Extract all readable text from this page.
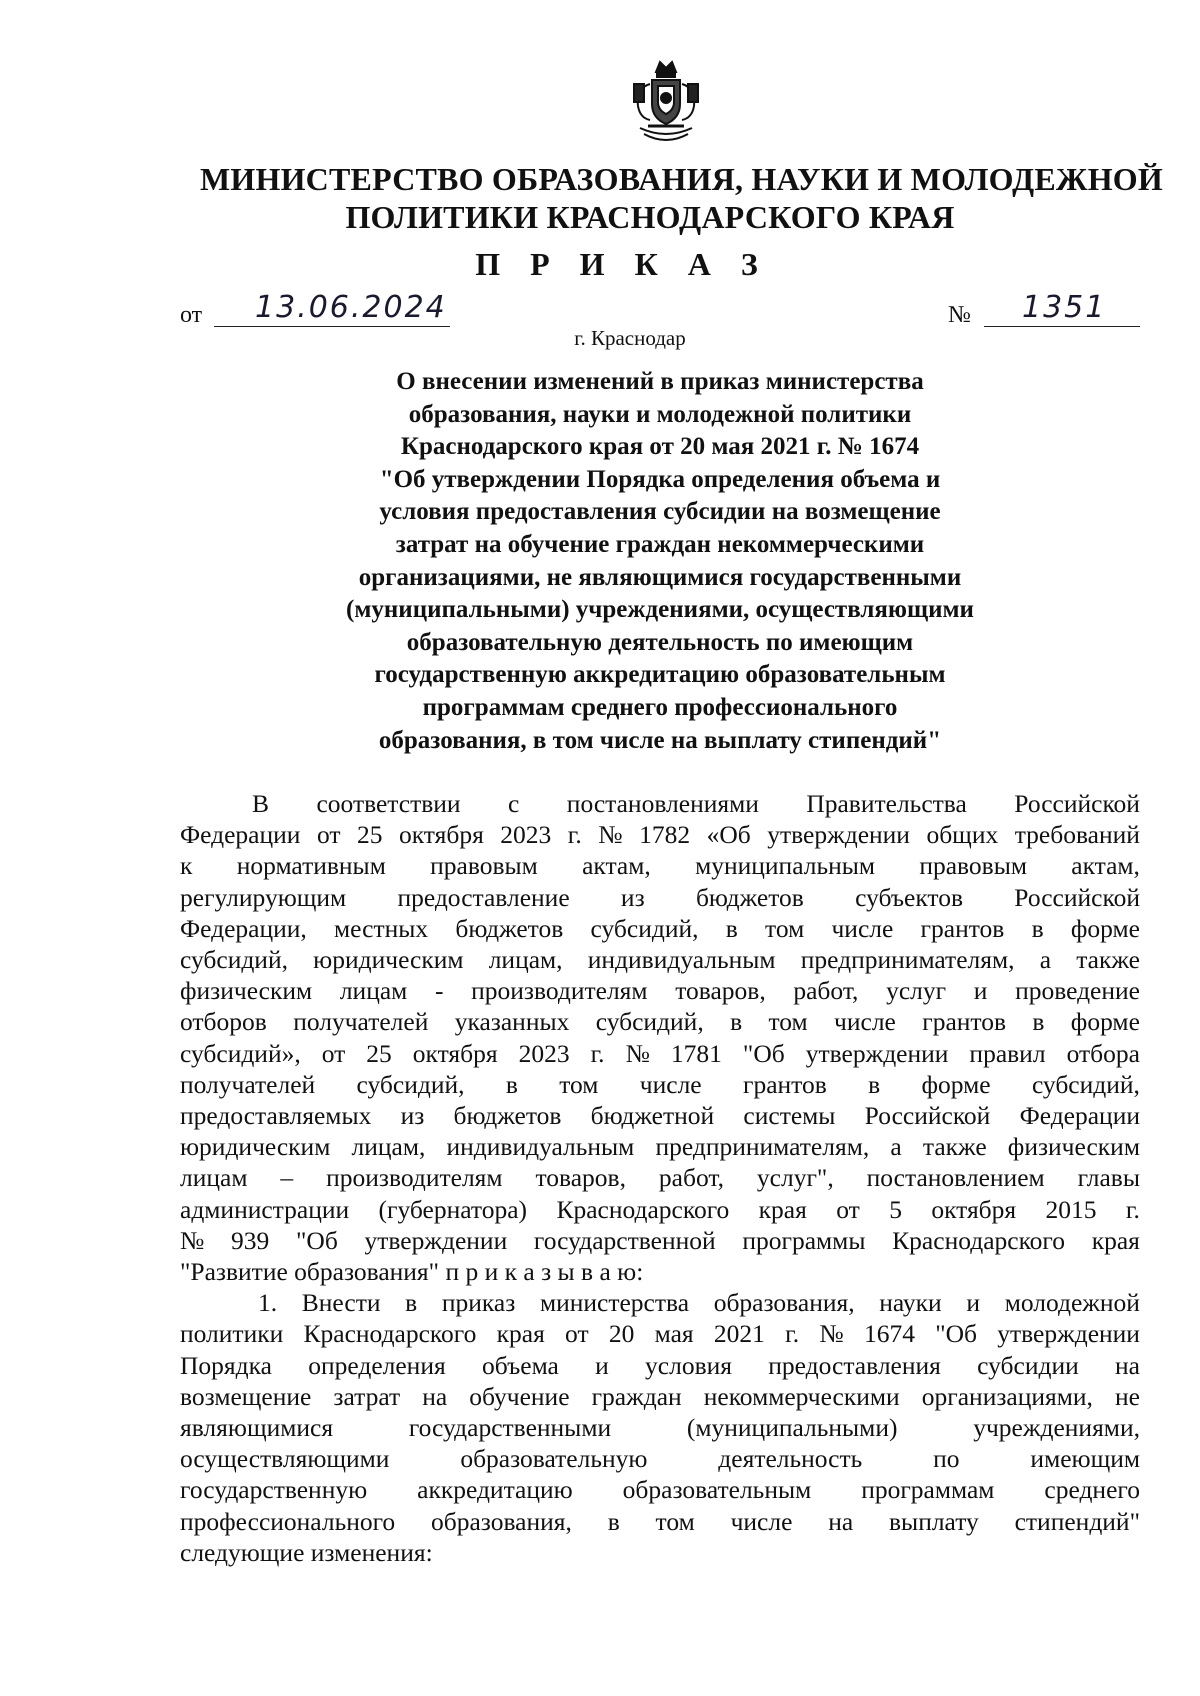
МИНИСТЕРСТВО ОБРАЗОВАНИЯ, НАУКИ И МОЛОДЕЖНОЙ
ПОЛИТИКИ КРАСНОДАРСКОГО КРАЯ
П Р И К А З
от 13.06.2024	№ 1351
г. Краснодар
О внесении изменений в приказ министерства
образования, науки и молодежной политики
Краснодарского края от 20 мая 2021 г. № 1674
"Об утверждении Порядка определения объема и
условия предоставления субсидии на возмещение
затрат на обучение граждан некоммерческими
организациями, не являющимися государственными
(муниципальными) учреждениями, осуществляющими
образовательную деятельность по имеющим
государственную аккредитацию образовательным
программам среднего профессионального
образования, в том числе на выплату стипендий"
В соответствии с постановлениями Правительства Российской
Федерации от 25 октября 2023 г. № 1782 «Об утверждении общих требований
к нормативным правовым актам, муниципальным правовым актам,
регулирующим предоставление из бюджетов субъектов Российской
Федерации, местных бюджетов субсидий, в том числе грантов в форме
субсидий, юридическим лицам, индивидуальным предпринимателям, а также
физическим лицам - производителям товаров, работ, услуг и проведение
отборов получателей указанных субсидий, в том числе грантов в форме
субсидий», от 25 октября 2023 г. № 1781 "Об утверждении правил отбора
получателей субсидий, в том числе грантов в форме субсидий,
предоставляемых из бюджетов бюджетной системы Российской Федерации
юридическим лицам, индивидуальным предпринимателям, а также физическим
лицам – производителям товаров, работ, услуг", постановлением главы
администрации (губернатора) Краснодарского края от 5 октября 2015 г.
№ 939 "Об утверждении государственной программы Краснодарского края
"Развитие образования" п р и к а з ы в а ю:
1. Внести в приказ министерства образования, науки и молодежной
политики Краснодарского края от 20 мая 2021 г. № 1674 "Об утверждении
Порядка определения объема и условия предоставления субсидии на
возмещение затрат на обучение граждан некоммерческими организациями, не
являющимися	государственными	(муниципальными)	учреждениями,
осуществляющими	образовательную	деятельность	по	имеющим
государственную аккредитацию образовательным программам среднего
профессионального образования, в том числе на выплату стипендий"
следующие изменения:
